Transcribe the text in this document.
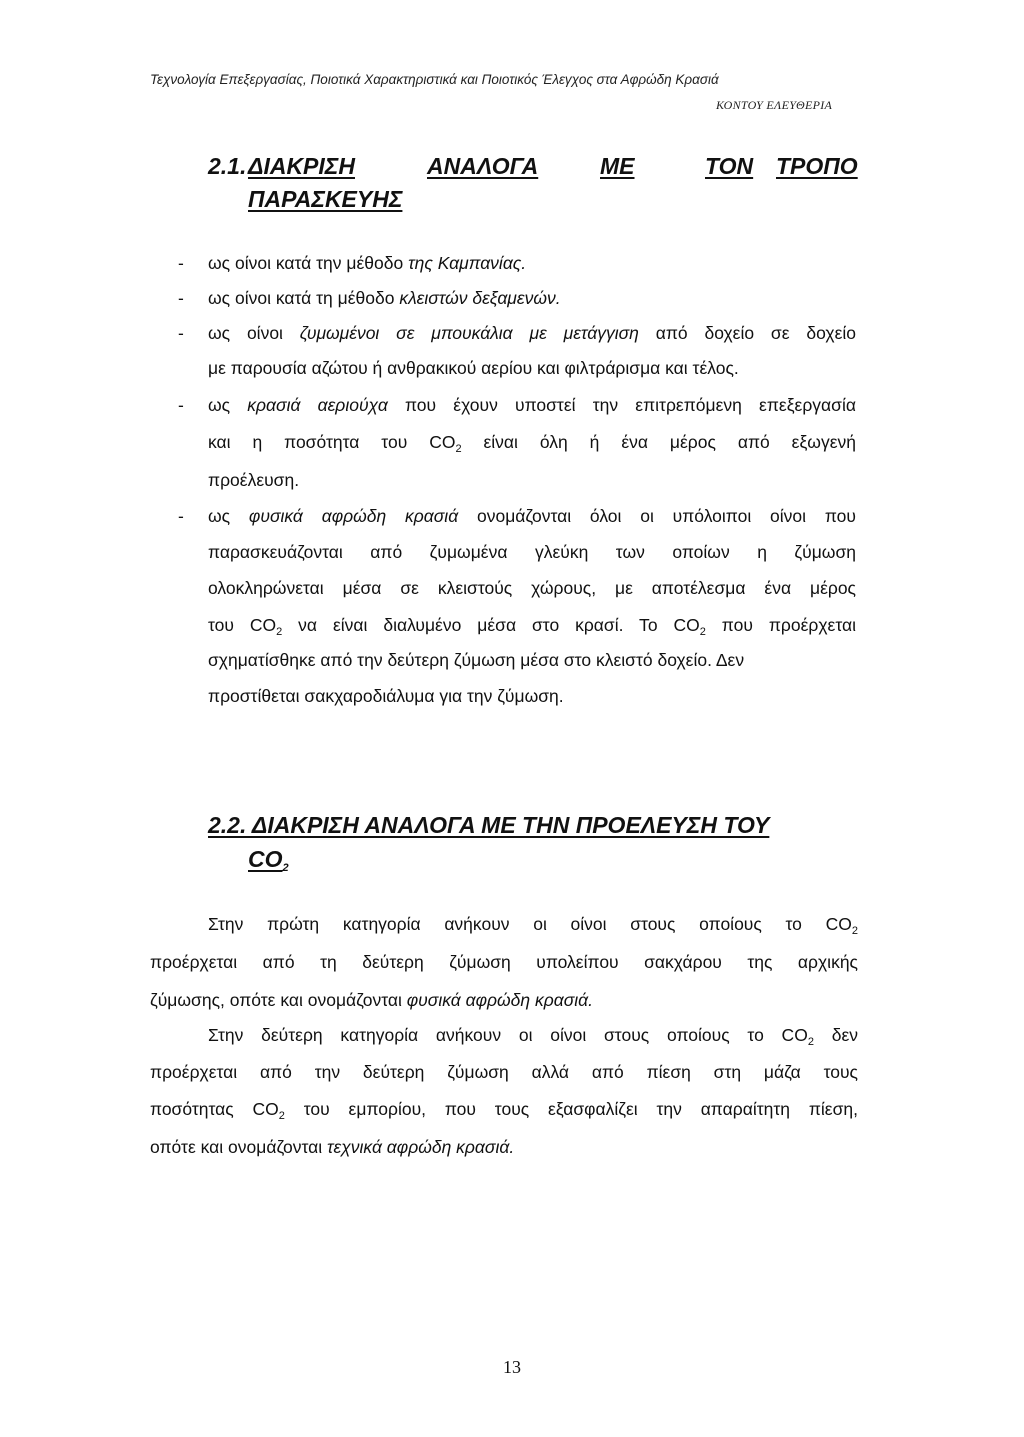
Τεχνολογία Επεξεργασίας, Ποιοτικά Χαρακτηριστικά και Ποιοτικός Έλεγχος στα Αφρώδη Κρασιά
ΚΟΝΤΟΥ ΕΛΕΥΘΕΡΙΑ
2.1. ΔΙΑΚΡΙΣΗ	ΑΝΑΛΟΓΑ	ΜΕ	ΤΟΝ ΤΡΟΠΟ
ΠΑΡΑΣΚΕΥΗΣ
- ως οίνοι κατά την μέθοδο της Καμπανίας.
- ως οίνοι κατά τη μέθοδο κλειστών δεξαμενών.
- ως οίνοι ζυμωμένοι σε μπουκάλια με μετάγγιση από δοχείο σε δοχείο
με παρουσία αζώτου ή ανθρακικού αερίου και φιλτράρισμα και τέλος.
- ως κρασιά αεριούχα που έχουν υποστεί την επιτρεπόμενη επεξεργασία
και η ποσότητα του $CO_2$ είναι όλη ή ένα μέρος από εξωγενή
προέλευση.
- ως φυσικά αφρώδη κρασιά ονομάζονται όλοι οι υπόλοιποι οίνοι που
παρασκευάζονται από ζυμωμένα γλεύκη των οποίων η ζύμωση
ολοκληρώνεται μέσα σε κλειστούς χώρους, με αποτέλεσμα ένα μέρος
του $CO_2$ να είναι διαλυμένο μέσα στο κρασί. Το $CO_2$ που προέρχεται
σχηματίσθηκε από την δεύτερη ζύμωση μέσα στο κλειστό δοχείο. Δεν
προστίθεται σακχαροδιάλυμα για την ζύμωση.
2.2. ΔΙΑΚΡΙΣΗ ΑΝΑΛΟΓΑ ΜΕ ΤΗΝ ΠΡΟΕΛΕΥΣΗ ΤΟΥ
$CO_2$
Στην πρώτη κατηγορία ανήκουν οι οίνοι στους οποίους το $CO_2$
προέρχεται από τη δεύτερη ζύμωση υπολείπου σακχάρου της αρχικής
ζύμωσης, οπότε και ονομάζονται φυσικά αφρώδη κρασιά.
Στην δεύτερη κατηγορία ανήκουν οι οίνοι στους οποίους το $CO_2$ δεν
προέρχεται από την δεύτερη ζύμωση αλλά από πίεση στη μάζα τους
ποσότητας $CO_2$ του εμπορίου, που τους εξασφαλίζει την απαραίτητη πίεση,
οπότε και ονομάζονται τεχνικά αφρώδη κρασιά.
13
